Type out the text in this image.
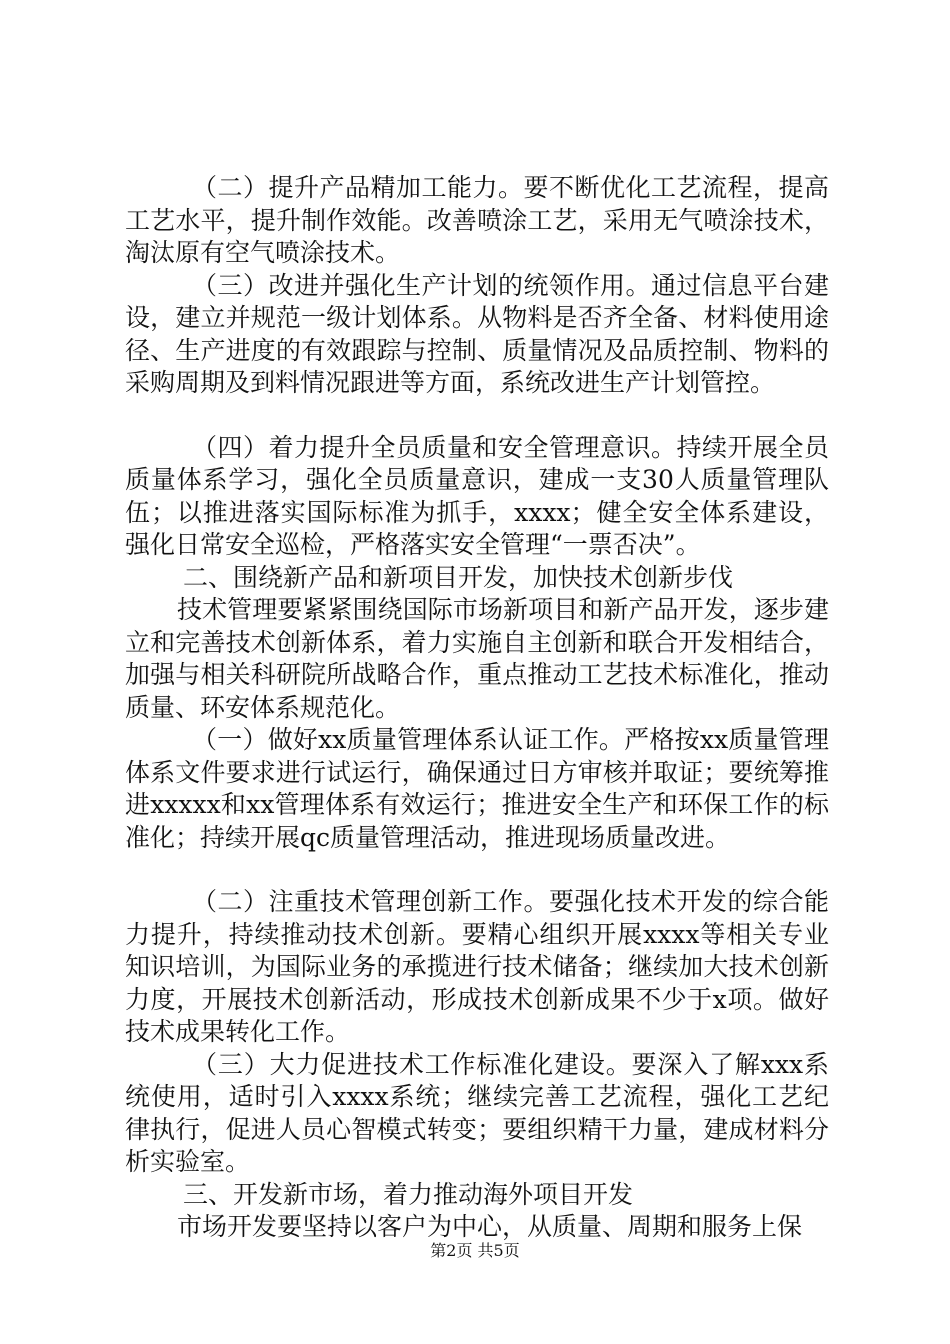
（二）提升产品精加工能力。要不断优化工艺流程，提高工艺水平，提升制作效能。改善喷涂工艺，采用无气喷涂技术，淘汰原有空气喷涂技术。

（三）改进并强化生产计划的统领作用。通过信息平台建设，建立并规范一级计划体系。从物料是否齐全备、材料使用途径、生产进度的有效跟踪与控制、质量情况及品质控制、物料的采购周期及到料情况跟进等方面，系统改进生产计划管控。

（四）着力提升全员质量和安全管理意识。持续开展全员质量体系学习，强化全员质量意识，建成一支30人质量管理队伍；以推进落实国际标准为抓手，xxxx；健全安全体系建设，强化日常安全巡检，严格落实安全管理“一票否决”。

二、围绕新产品和新项目开发，加快技术创新步伐

技术管理要紧紧围绕国际市场新项目和新产品开发，逐步建立和完善技术创新体系，着力实施自主创新和联合开发相结合，加强与相关科研院所战略合作，重点推动工艺技术标准化，推动质量、环安体系规范化。

（一）做好xx质量管理体系认证工作。严格按xx质量管理体系文件要求进行试运行，确保通过日方审核并取证；要统筹推进xxxxx和xx管理体系有效运行；推进安全生产和环保工作的标准化；持续开展qc质量管理活动，推进现场质量改进。

（二）注重技术管理创新工作。要强化技术开发的综合能力提升，持续推动技术创新。要精心组织开展xxxx等相关专业知识培训，为国际业务的承揽进行技术储备；继续加大技术创新力度，开展技术创新活动，形成技术创新成果不少于x项。做好技术成果转化工作。

（三）大力促进技术工作标准化建设。要深入了解xxx系统使用，适时引入xxxx系统；继续完善工艺流程，强化工艺纪律执行，促进人员心智模式转变；要组织精干力量，建成材料分析实验室。

三、开发新市场，着力推动海外项目开发

市场开发要坚持以客户为中心，从质量、周期和服务上保

第2页 共5页
